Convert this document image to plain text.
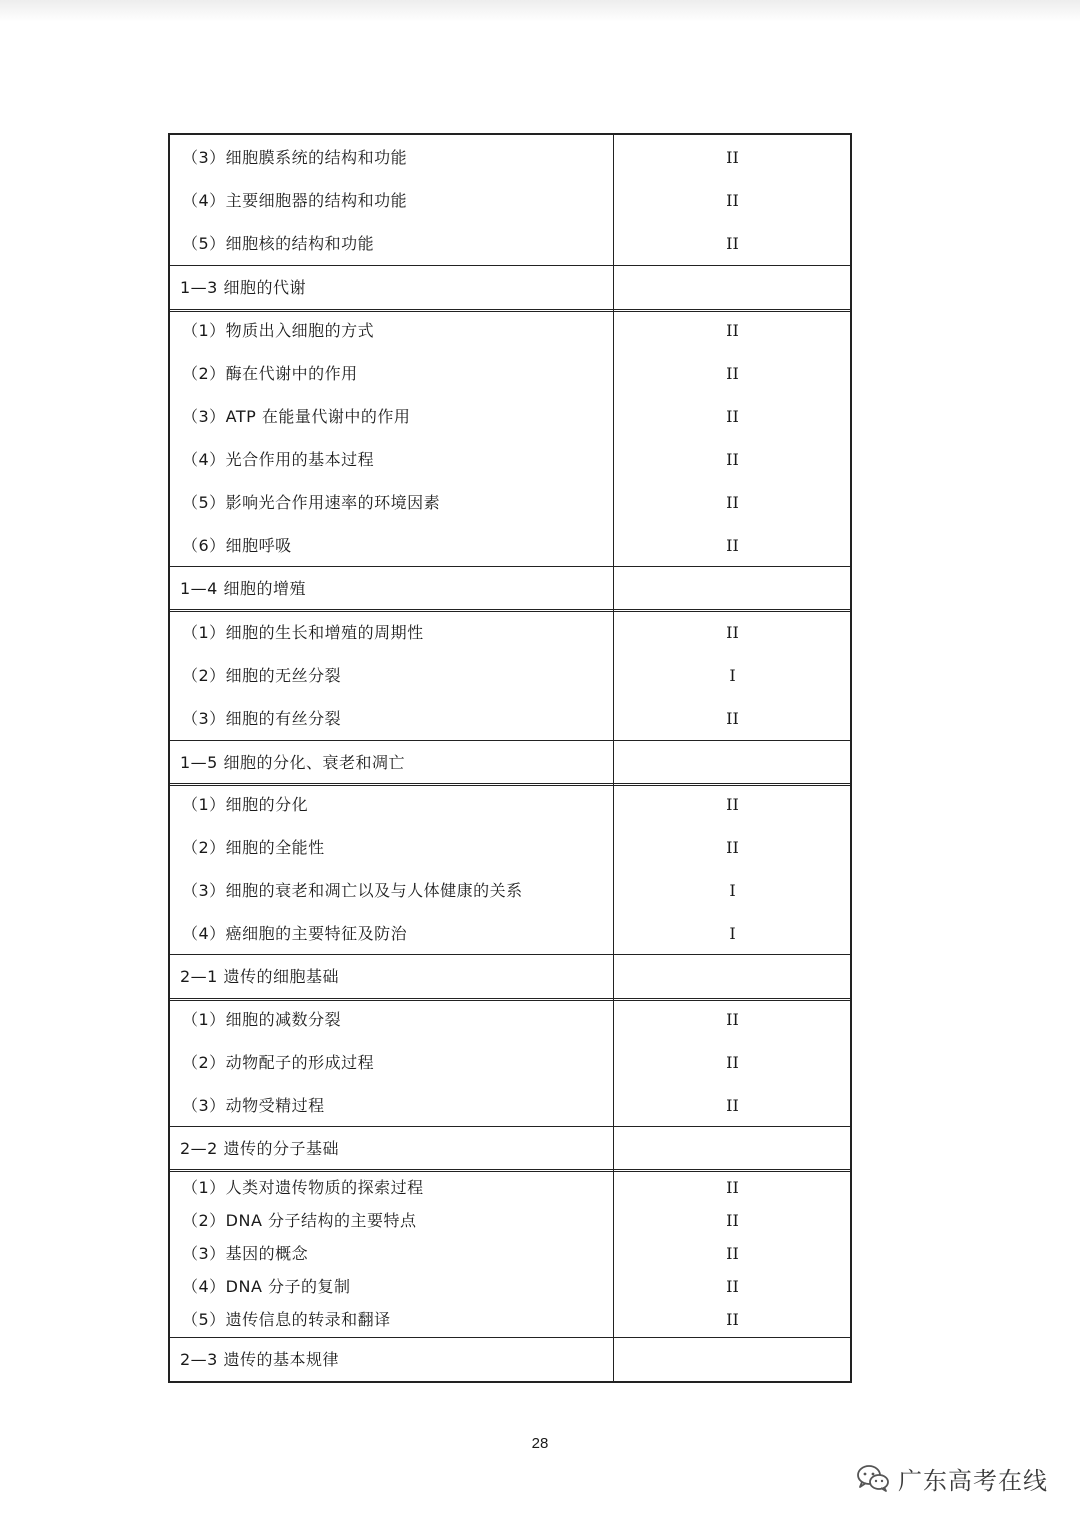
（3）细胞膜系统的结构和功能	II
（4）主要细胞器的结构和功能	II
（5）细胞核的结构和功能	II
1—3 细胞的代谢
（1）物质出入细胞的方式	II
（2）酶在代谢中的作用	II
（3）ATP 在能量代谢中的作用	II
（4）光合作用的基本过程	II
（5）影响光合作用速率的环境因素	II
（6）细胞呼吸	II
1—4 细胞的增殖
（1）细胞的生长和增殖的周期性	II
（2）细胞的无丝分裂	I
（3）细胞的有丝分裂	II
1—5 细胞的分化、衰老和凋亡
（1）细胞的分化	II
（2）细胞的全能性	II
（3）细胞的衰老和凋亡以及与人体健康的关系	I
（4）癌细胞的主要特征及防治	I
2—1 遗传的细胞基础
（1）细胞的减数分裂	II
（2）动物配子的形成过程	II
（3）动物受精过程	II
2—2 遗传的分子基础
（1）人类对遗传物质的探索过程	II
（2）DNA 分子结构的主要特点	II
（3）基因的概念	II
（4）DNA 分子的复制	II
（5）遗传信息的转录和翻译	II
2—3 遗传的基本规律
28
广东高考在线
